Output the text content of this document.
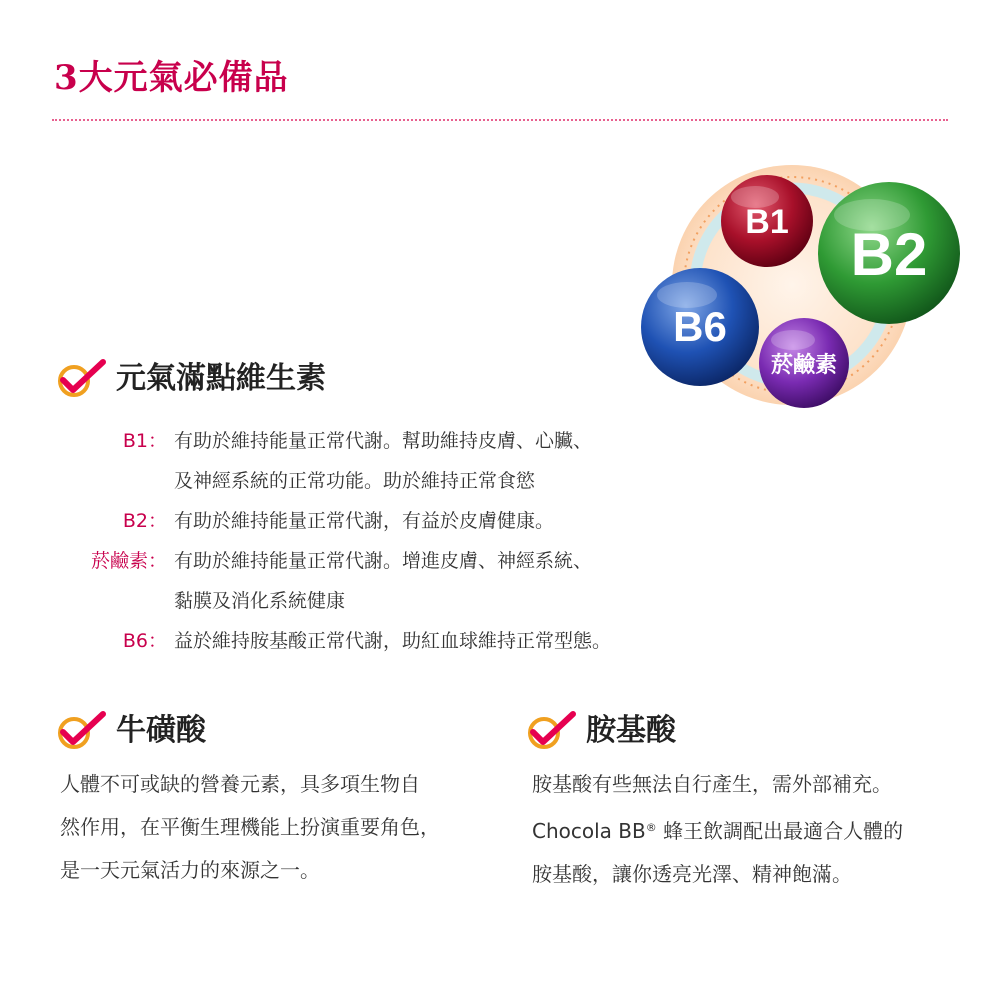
3大元氣必備品
B1 B2
B6
菸鹼素
元氣滿點維生素
B1 ： 有助於維持能量正常代謝。幫助維持皮膚、心臟、
及神經系統的正常功能。助於維持正常食慾
B2 ： 有助於維持能量正常代謝，有益於皮膚健康。
菸鹼素 ： 有助於維持能量正常代謝。增進皮膚、神經系統、
黏膜及消化系統健康
B6 ： 益於維持胺基酸正常代謝，助紅血球維持正常型態。
牛磺酸
人體不可或缺的營養元素，具多項生物自
然作用，在平衡生理機能上扮演重要角色，
是一天元氣活力的來源之一。
胺基酸
胺基酸有些無法自行產生，需外部補充。
Chocola BB® 蜂王飲調配出最適合人體的
胺基酸，讓你透亮光澤、精神飽滿。
